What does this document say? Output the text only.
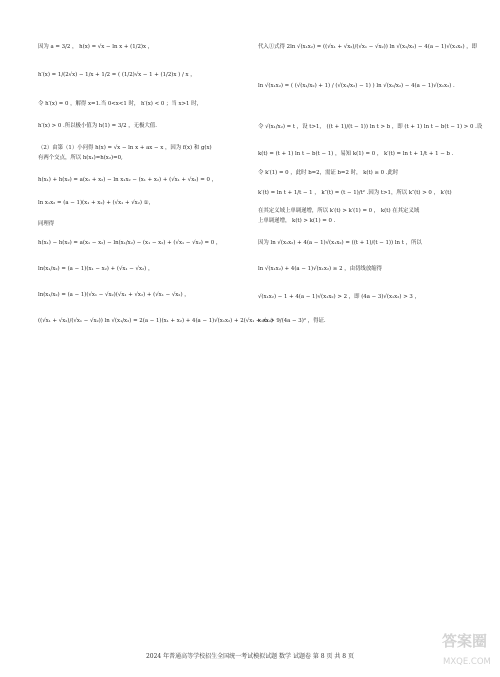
因为 a = 3/2 ， h(x) = √x − ln x + (1/2)x ，
h′(x) = 1/(2√x) − 1/x + 1/2 = ( (1/2)√x − 1 + (1/2)x ) / x ，
令 h′(x) = 0 ，解得 x=1.当 0<x<1 时， h′(x) < 0 ；当 x>1 时，
h′(x) > 0 .所以极小值为 h(1) = 3/2 ，无极大值.
（2）由第（1）小问得 h(x) = √x − ln x + ax − x ，因为 f(x) 和 g(x)
有两个交点，所以 h(x₁)=h(x₂)=0,
h(x₁) + h(x₂) = a(x₁ + x₂) − ln x₁x₂ − (x₁ + x₂) + (√x₁ + √x₂) = 0 ，
ln x₁x₂ = (a − 1)(x₁ + x₂) + (√x₁ + √x₂) ①，
同理得
h(x₁) − h(x₂) = a(x₁ − x₂) − ln(x₁/x₂) − (x₁ − x₂) + (√x₁ − √x₂) = 0 ，
ln(x₁/x₂) = (a − 1)(x₁ − x₂) + (√x₁ − √x₂) ，
ln(x₁/x₂) = (a − 1)(√x₁ − √x₂)(√x₁ + √x₂) + (√x₁ − √x₂) ，
((√x₁ + √x₂)/(√x₁ − √x₂)) ln √(x₁/x₂) = 2(a − 1)(x₁ + x₂) + 4(a − 1)√(x₁x₂) + 2(√x₁ + √x₂)
代入①式得 2ln √(x₁x₂) = ((√x₁ + √x₂)/(√x₁ − √x₂)) ln √(x₁/x₂) − 4(a − 1)√(x₁x₂) ，即
ln √(x₁x₂) = ( (√(x₁/x₂) + 1) / (√(x₁/x₂) − 1) ) ln √(x₁/x₂) − 4(a − 1)√(x₁x₂) .
令 √(x₁/x₂) = t ，设 t>1， ((t + 1)/(t − 1)) ln t > b ，即 (t + 1) ln t − b(t − 1) > 0 .设
k(t) = (t + 1) ln t − b(t − 1) ，易知 k(1) = 0 ， k′(t) = ln t + 1/t + 1 − b .
令 k′(1) = 0 ，此时 b=2，需证 b=2 时， k(t) ≥ 0 .此时
k′(t) = ln t + 1/t − 1 ， k″(t) = (t − 1)/t² .因为 t>1，所以 k″(t) > 0 ， k′(t)
在其定义域上单调递增，所以 k′(t) > k′(1) = 0 ， k(t) 在其定义域
上单调递增， k(t) > k(1) = 0 .
因为 ln √(x₁x₂) + 4(a − 1)√(x₁x₂) = ((t + 1)/(t − 1)) ln t ，所以
ln √(x₁x₂) + 4(a − 1)√(x₁x₂) ≥ 2 ，由切线放缩得
√(x₁x₂) − 1 + 4(a − 1)√(x₁x₂) > 2 ，即 (4a − 3)√(x₁x₂) > 3 ，
x₁x₂ > 9/(4a − 3)² ，得证.
2024 年普通高等学校招生全国统一考试模拟试题 数学 试题卷 第 8 页 共 8 页
答案圈
MXQE.COM
